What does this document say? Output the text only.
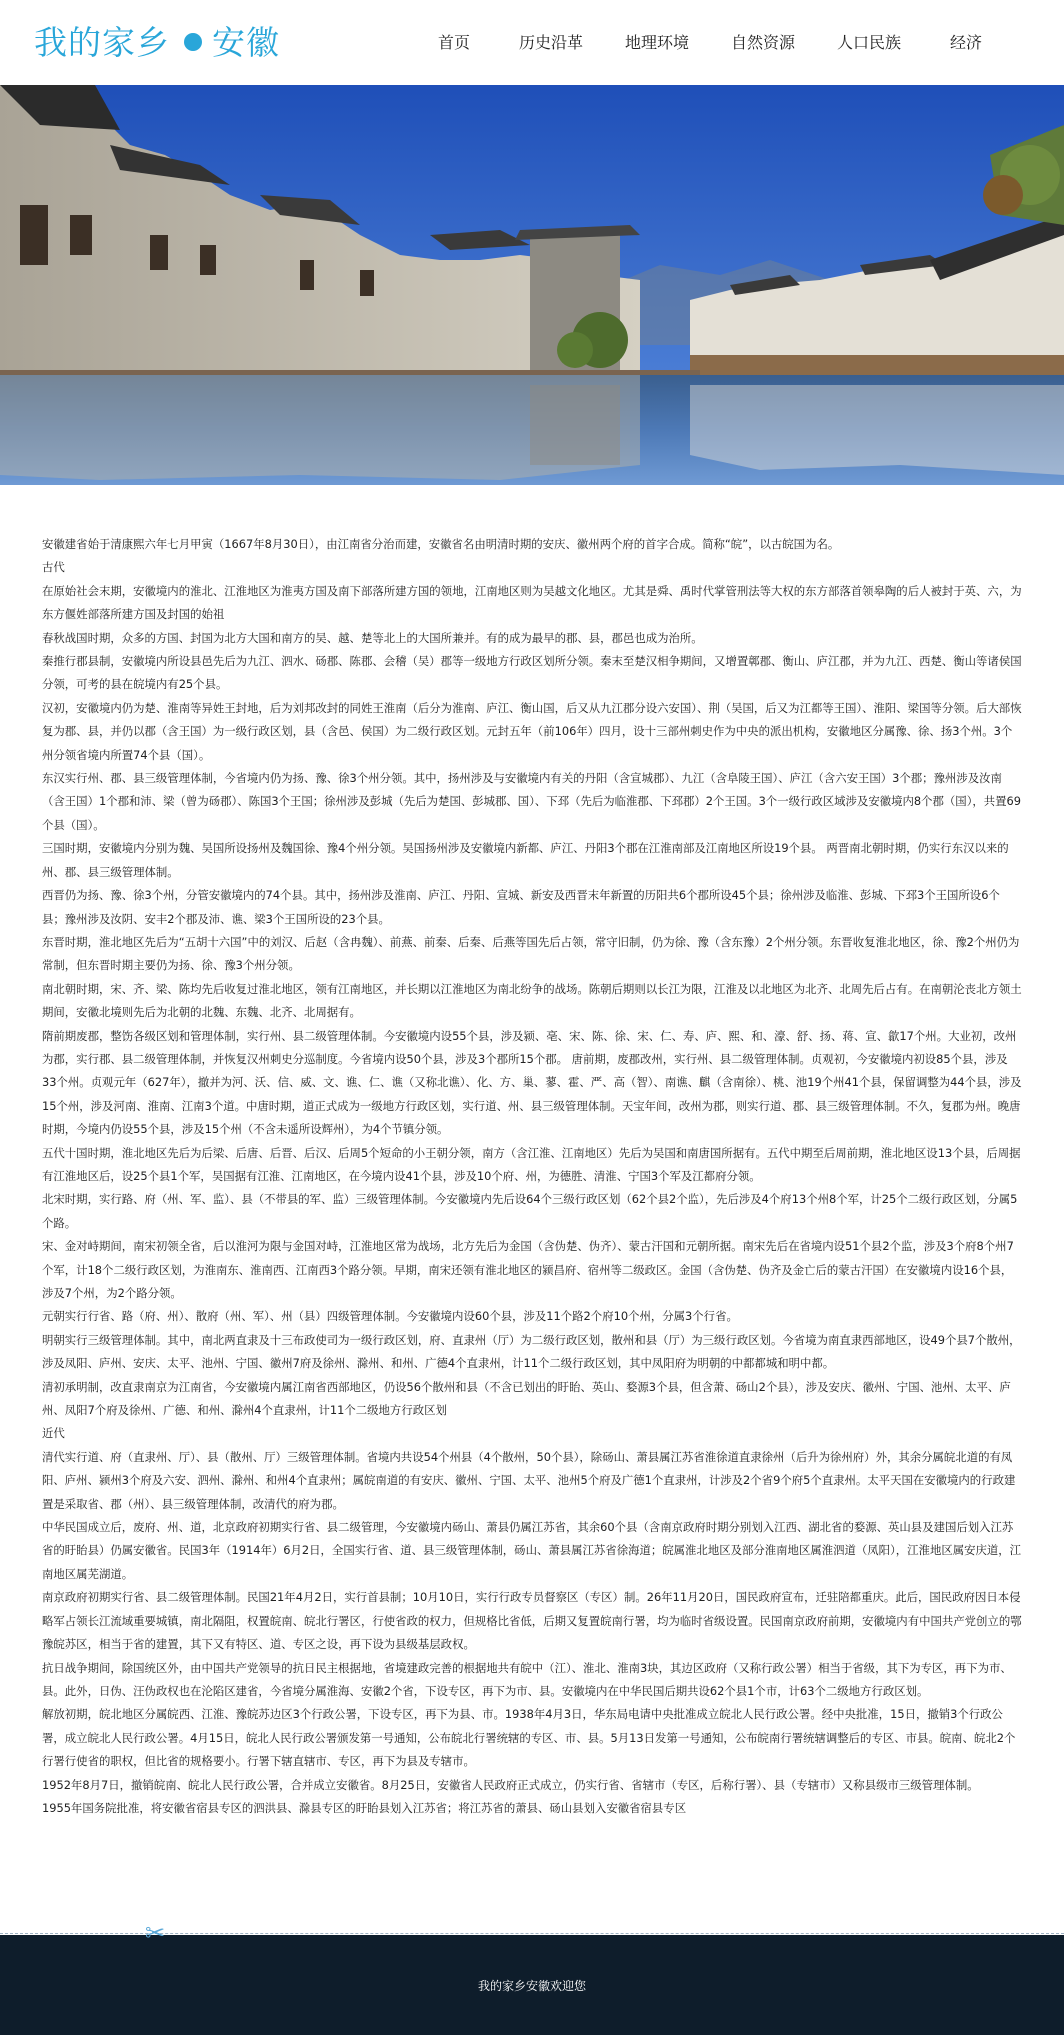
我的家乡 安徽	首页	历史沿革	地理环境	自然资源	人口民族	经济

安徽建省始于清康熙六年七月甲寅（1667年8月30日），由江南省分治而建，安徽省名由明清时期的安庆、徽州两个府的首字合成。简称“皖”，以古皖国为名。

古代

在原始社会末期，安徽境内的淮北、江淮地区为淮夷方国及南下部落所建方国的领地，江南地区则为吴越文化地区。尤其是舜、禹时代掌管刑法等大权的东方部落首领皋陶的后人被封于英、六，为东方偃姓部落所建方国及封国的始祖

春秋战国时期，众多的方国、封国为北方大国和南方的吴、越、楚等北上的大国所兼并。有的成为最早的郡、县，郡邑也成为治所。

秦推行郡县制，安徽境内所设县邑先后为九江、泗水、砀郡、陈郡、会稽（吴）郡等一级地方行政区划所分领。秦末至楚汉相争期间，又增置鄣郡、衡山、庐江郡，并为九江、西楚、衡山等诸侯国分领，可考的县在皖境内有25个县。

汉初，安徽境内仍为楚、淮南等异姓王封地，后为刘邦改封的同姓王淮南（后分为淮南、庐江、衡山国，后又从九江郡分设六安国）、荆（吴国，后又为江都等王国）、淮阳、梁国等分领。后大部恢复为郡、县，并仍以郡（含王国）为一级行政区划，县（含邑、侯国）为二级行政区划。元封五年（前106年）四月，设十三部州刺史作为中央的派出机构，安徽地区分属豫、徐、扬3个州。3个州分领省境内所置74个县（国）。

东汉实行州、郡、县三级管理体制，今省境内仍为扬、豫、徐3个州分领。其中，扬州涉及与安徽境内有关的丹阳（含宣城郡）、九江（含阜陵王国）、庐江（含六安王国）3个郡；豫州涉及汝南（含王国）1个郡和沛、梁（曾为砀郡）、陈国3个王国；徐州涉及彭城（先后为楚国、彭城郡、国）、下邳（先后为临淮郡、下邳郡）2个王国。3个一级行政区域涉及安徽境内8个郡（国），共置69个县（国）。

三国时期，安徽境内分别为魏、吴国所设扬州及魏国徐、豫4个州分领。吴国扬州涉及安徽境内新都、庐江、丹阳3个郡在江淮南部及江南地区所设19个县。 两晋南北朝时期，仍实行东汉以来的州、郡、县三级管理体制。

西晋仍为扬、豫、徐3个州，分管安徽境内的74个县。其中，扬州涉及淮南、庐江、丹阳、宣城、新安及西晋末年新置的历阳共6个郡所设45个县；徐州涉及临淮、彭城、下邳3个王国所设6个县；豫州涉及汝阴、安丰2个郡及沛、谯、梁3个王国所设的23个县。

东晋时期，淮北地区先后为“五胡十六国”中的刘汉、后赵（含冉魏）、前燕、前秦、后秦、后燕等国先后占领，常守旧制，仍为徐、豫（含东豫）2个州分领。东晋收复淮北地区，徐、豫2个州仍为常制，但东晋时期主要仍为扬、徐、豫3个州分领。

南北朝时期，宋、齐、梁、陈均先后收复过淮北地区，领有江南地区，并长期以江淮地区为南北纷争的战场。陈朝后期则以长江为限，江淮及以北地区为北齐、北周先后占有。在南朝沦丧北方领土期间，安徽北境则先后为北朝的北魏、东魏、北齐、北周据有。

隋前期废郡，整饬各级区划和管理体制，实行州、县二级管理体制。今安徽境内设55个县，涉及颍、亳、宋、陈、徐、宋、仁、寿、庐、熙、和、濠、舒、扬、蒋、宣、歙17个州。大业初，改州为郡，实行郡、县二级管理体制，并恢复汉州刺史分巡制度。今省境内设50个县，涉及3个郡所15个郡。 唐前期，废郡改州，实行州、县二级管理体制。贞观初，今安徽境内初设85个县，涉及33个州。贞观元年（627年），撤并为河、沃、信、威、文、谯、仁、谯（又称北谯）、化、方、巢、蓼、霍、严、高（智）、南谯、麒（含南徐）、桃、池19个州41个县，保留调整为44个县，涉及15个州，涉及河南、淮南、江南3个道。中唐时期，道正式成为一级地方行政区划，实行道、州、县三级管理体制。天宝年间，改州为郡，则实行道、郡、县三级管理体制。不久，复郡为州。晚唐时期，今境内仍设55个县，涉及15个州（不含未遥所设辉州），为4个节镇分领。

五代十国时期，淮北地区先后为后梁、后唐、后晋、后汉、后周5个短命的小王朝分领，南方（含江淮、江南地区）先后为吴国和南唐国所据有。五代中期至后周前期，淮北地区设13个县，后周据有江淮地区后，设25个县1个军，吴国据有江淮、江南地区，在今境内设41个县，涉及10个府、州，为德胜、清淮、宁国3个军及江都府分领。

北宋时期，实行路、府（州、军、监）、县（不带县的军、监）三级管理体制。今安徽境内先后设64个三级行政区划（62个县2个监），先后涉及4个府13个州8个军，计25个二级行政区划，分属5个路。

宋、金对峙期间，南宋初领全省，后以淮河为限与金国对峙，江淮地区常为战场，北方先后为金国（含伪楚、伪齐）、蒙古汗国和元朝所据。南宋先后在省境内设51个县2个监，涉及3个府8个州7个军，计18个二级行政区划，为淮南东、淮南西、江南西3个路分领。早期，南宋还领有淮北地区的颍昌府、宿州等二级政区。金国（含伪楚、伪齐及金亡后的蒙古汗国）在安徽境内设16个县，涉及7个州，为2个路分领。

元朝实行行省、路（府、州）、散府（州、军）、州（县）四级管理体制。今安徽境内设60个县，涉及11个路2个府10个州，分属3个行省。

明朝实行三级管理体制。其中，南北两直隶及十三布政使司为一级行政区划，府、直隶州（厅）为二级行政区划，散州和县（厅）为三级行政区划。今省境为南直隶西部地区，设49个县7个散州，涉及凤阳、庐州、安庆、太平、池州、宁国、徽州7府及徐州、滁州、和州、广德4个直隶州，计11个二级行政区划，其中凤阳府为明朝的中都都城和明中都。

清初承明制，改直隶南京为江南省，今安徽境内属江南省西部地区，仍设56个散州和县（不含已划出的盱眙、英山、婺源3个县，但含萧、砀山2个县），涉及安庆、徽州、宁国、池州、太平、庐州、凤阳7个府及徐州、广德、和州、滁州4个直隶州，计11个二级地方行政区划

近代

清代实行道、府（直隶州、厅）、县（散州、厅）三级管理体制。省境内共设54个州县（4个散州，50个县），除砀山、萧县属江苏省淮徐道直隶徐州（后升为徐州府）外，其余分属皖北道的有凤阳、庐州、颍州3个府及六安、泗州、滁州、和州4个直隶州；属皖南道的有安庆、徽州、宁国、太平、池州5个府及广德1个直隶州，计涉及2个省9个府5个直隶州。太平天国在安徽境内的行政建置是采取省、郡（州）、县三级管理体制，改清代的府为郡。

中华民国成立后，废府、州、道，北京政府初期实行省、县二级管理，今安徽境内砀山、萧县仍属江苏省，其余60个县（含南京政府时期分别划入江西、湖北省的婺源、英山县及建国后划入江苏省的盱眙县）仍属安徽省。民国3年（1914年）6月2日，全国实行省、道、县三级管理体制，砀山、萧县属江苏省徐海道；皖属淮北地区及部分淮南地区属淮泗道（凤阳），江淮地区属安庆道，江南地区属芜湖道。

南京政府初期实行省、县二级管理体制。民国21年4月2日，实行首县制；10月10日，实行行政专员督察区（专区）制。26年11月20日，国民政府宣布，迁驻陪都重庆。此后，国民政府因日本侵略军占领长江流域重要城镇，南北隔阻，权置皖南、皖北行署区，行使省政的权力，但规格比省低，后期又复置皖南行署，均为临时省级设置。民国南京政府前期，安徽境内有中国共产党创立的鄂豫皖苏区，相当于省的建置，其下又有特区、道、专区之设，再下设为县级基层政权。

抗日战争期间，除国统区外，由中国共产党领导的抗日民主根据地，省境建政完善的根据地共有皖中（江）、淮北、淮南3块，其边区政府（又称行政公署）相当于省级，其下为专区，再下为市、县。此外，日伪、汪伪政权也在沦陷区建省，今省境分属淮海、安徽2个省，下设专区，再下为市、县。安徽境内在中华民国后期共设62个县1个市，计63个二级地方行政区划。

解放初期，皖北地区分属皖西、江淮、豫皖苏边区3个行政公署，下设专区，再下为县、市。1938年4月3日，华东局电请中央批准成立皖北人民行政公署。经中央批准，15日，撤销3个行政公署，成立皖北人民行政公署。4月15日，皖北人民行政公署颁发第一号通知，公布皖北行署统辖的专区、市、县。5月13日发第一号通知，公布皖南行署统辖调整后的专区、市县。皖南、皖北2个行署行使省的职权，但比省的规格要小。行署下辖直辖市、专区，再下为县及专辖市。

1952年8月7日，撤销皖南、皖北人民行政公署，合并成立安徽省。8月25日，安徽省人民政府正式成立，仍实行省、省辖市（专区，后称行署）、县（专辖市）又称县级市三级管理体制。

1955年国务院批准，将安徽省宿县专区的泗洪县、滁县专区的盱眙县划入江苏省；将江苏省的萧县、砀山县划入安徽省宿县专区

✂
我的家乡安徽欢迎您
